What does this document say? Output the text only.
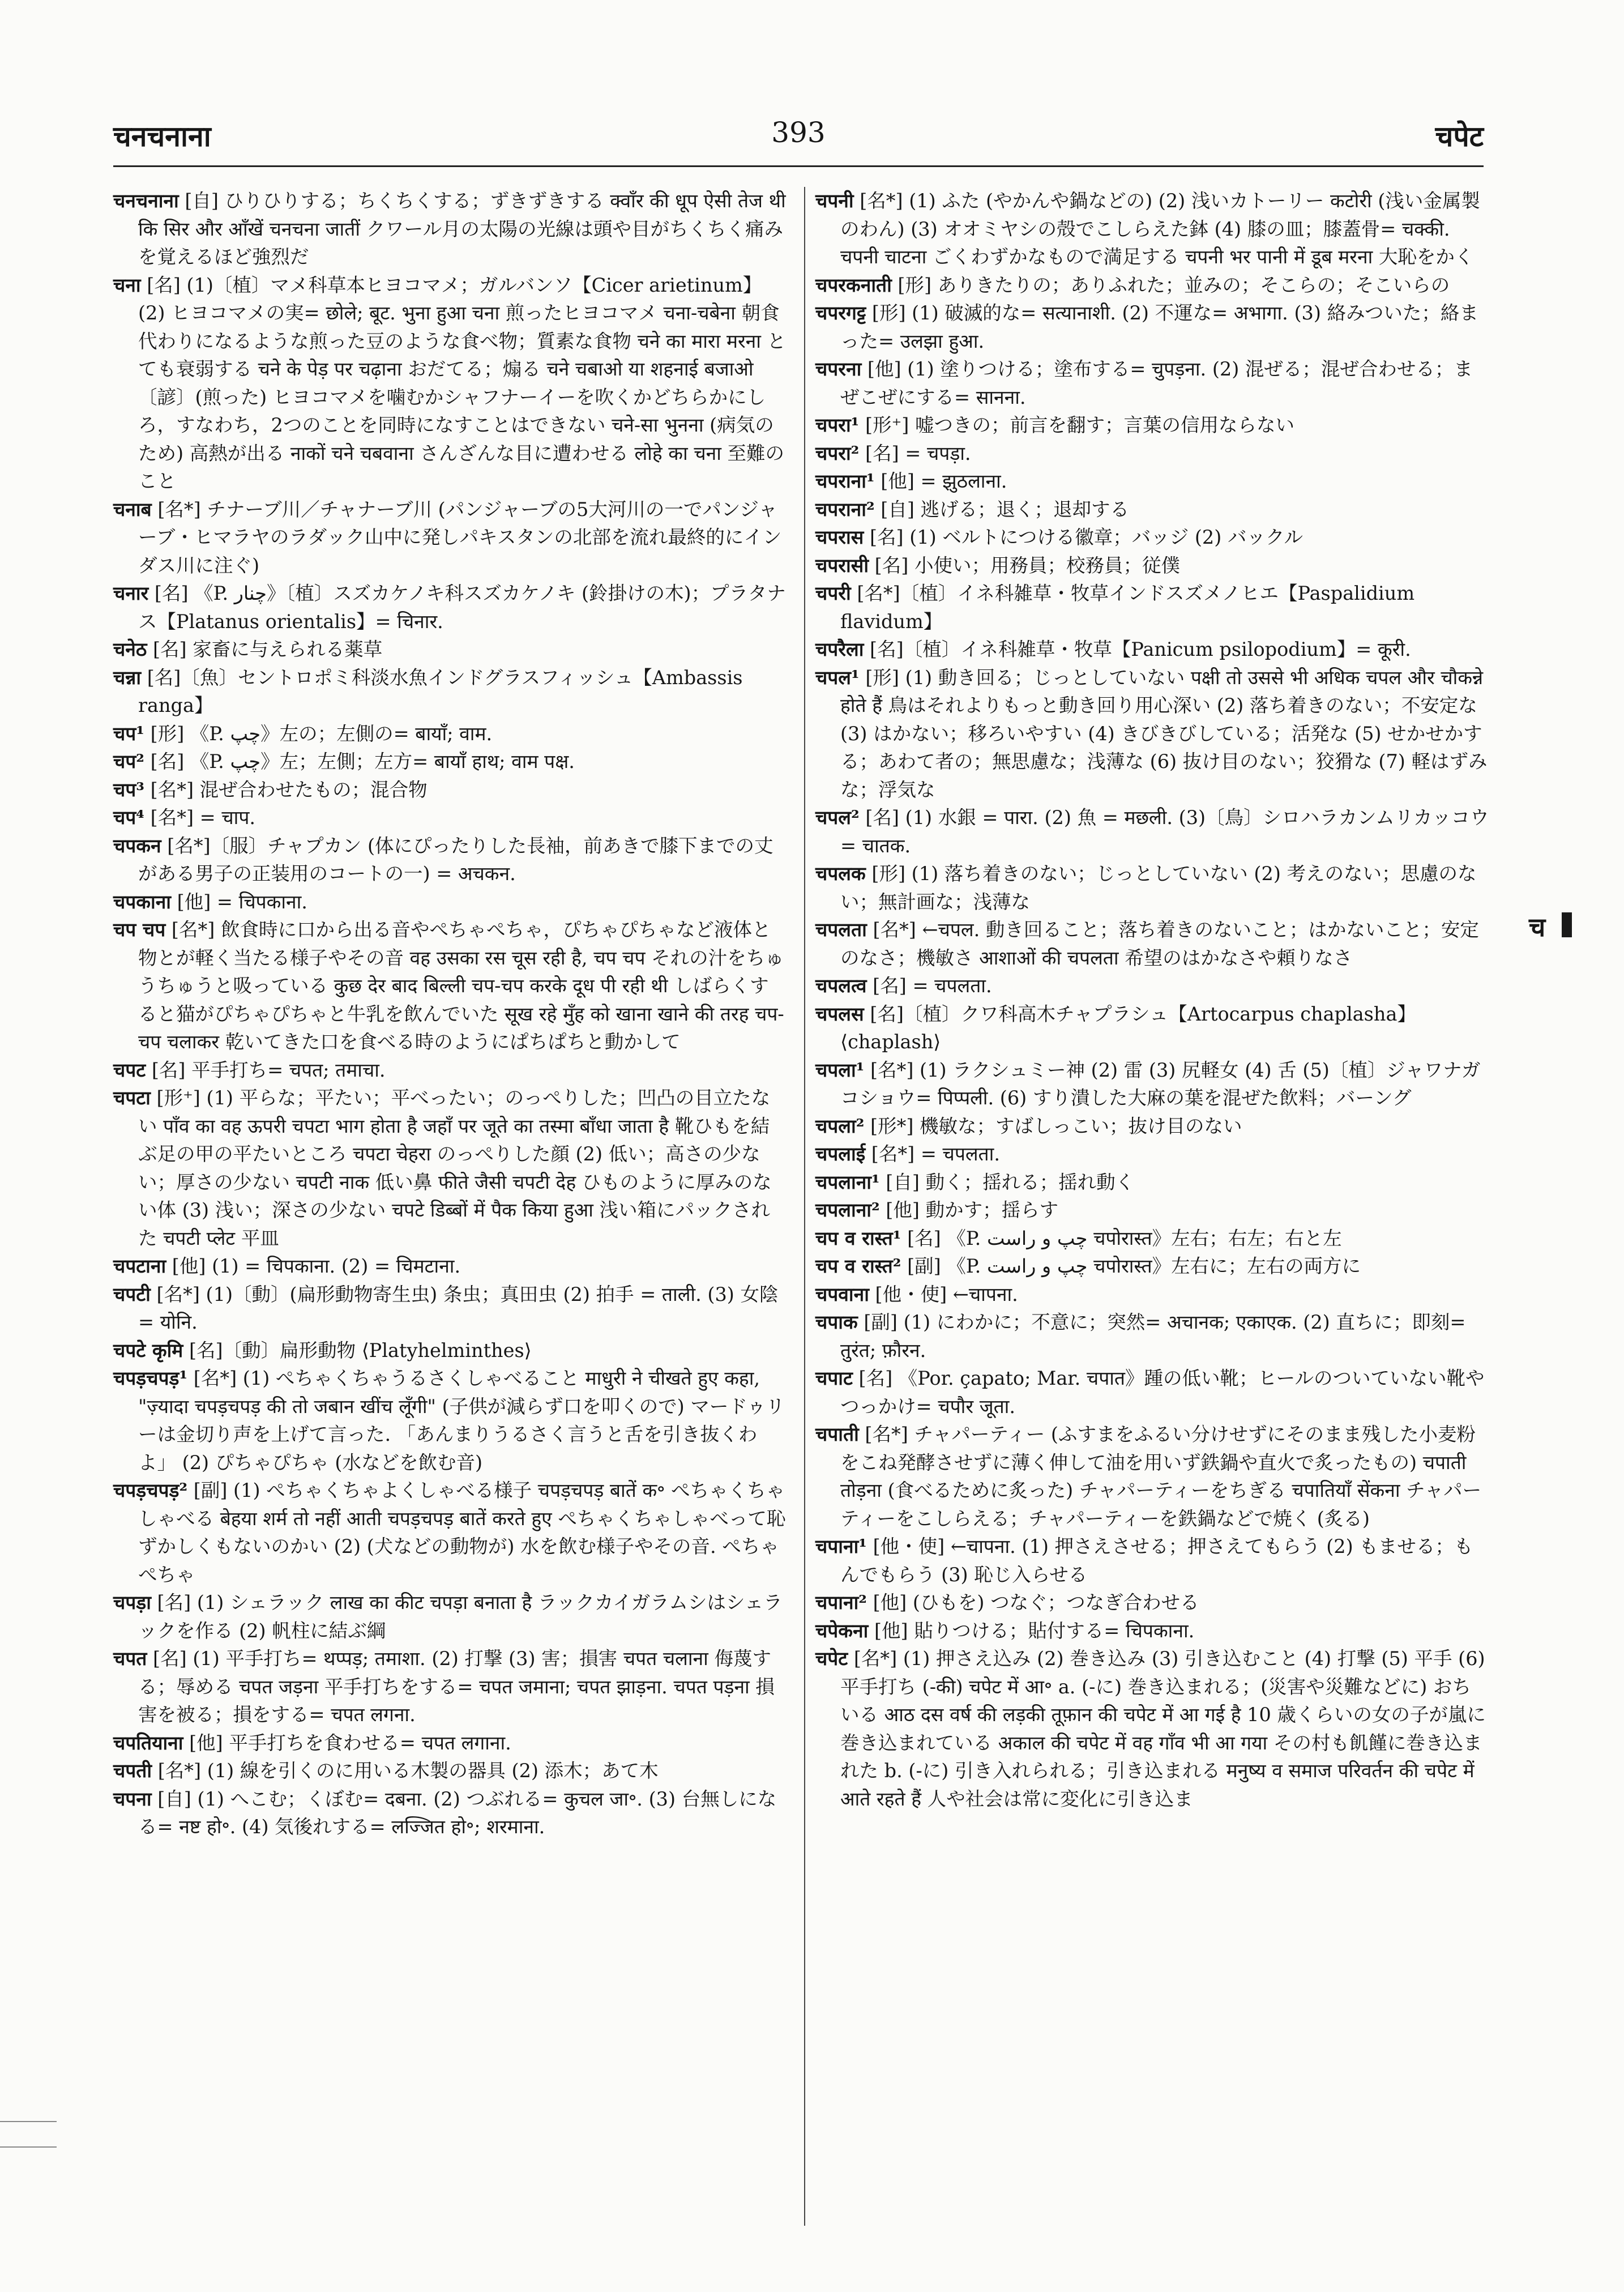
चनचनाना	393	चपेट
चनचनाना [自] ひりひりする；ちくちくする；ずきずきする क्वाँर की धूप ऐसी तेज थी कि सिर और आँखें चनचना जातीं クワール月の太陽の光線は頭や目がちくちく痛みを覚えるほど強烈だ
चना [名] (1)〔植〕マメ科草本ヒヨコマメ；ガルバンソ【Cicer arietinum】 (2) ヒヨコマメの実= छोले; बूट. भुना हुआ चना 煎ったヒヨコマメ चना-चबेना 朝食代わりになるような煎った豆のような食べ物；質素な食物 चने का मारा मरना とても衰弱する चने के पेड़ पर चढ़ाना おだてる；煽る चने चबाओ या शहनाई बजाओ〔諺〕(煎った) ヒヨコマメを噛むかシャフナーイーを吹くかどちらかにしろ，すなわち，2つのことを同時になすことはできない चने-सा भुनना (病気のため) 高熱が出る नाकों चने चबवाना さんざんな目に遭わせる लोहे का चना 至難のこと
चनाब [名*] チナーブ川／チャナーブ川 (パンジャーブの5大河川の一でパンジャーブ・ヒマラヤのラダック山中に発しパキスタンの北部を流れ最終的にインダス川に注ぐ)
चनार [名] 《P. چنار》〔植〕スズカケノキ科スズカケノキ (鈴掛けの木)；プラタナス【Platanus orientalis】= चिनार.
चनेठ [名] 家畜に与えられる薬草
चन्ना [名]〔魚〕セントロポミ科淡水魚インドグラスフィッシュ【Ambassis ranga】
चप¹ [形] 《P. چپ》左の；左側の= बायाँ; वाम.
चप² [名] 《P. چپ》左；左側；左方= बायाँ हाथ; वाम पक्ष.
चप³ [名*] 混ぜ合わせたもの；混合物
चप⁴ [名*] = चाप.
चपकन [名*]〔服〕チャプカン (体にぴったりした長袖，前あきで膝下までの丈がある男子の正装用のコートの一) = अचकन.
चपकाना [他] = चिपकाना.
चप चप [名*] 飲食時に口から出る音やぺちゃぺちゃ，ぴちゃぴちゃなど液体と物とが軽く当たる様子やその音 वह उसका रस चूस रही है, चप चप それの汁をちゅうちゅうと吸っている कुछ देर बाद बिल्ली चप-चप करके दूध पी रही थी しばらくすると猫がぴちゃぴちゃと牛乳を飲んでいた सूख रहे मुँह को खाना खाने की तरह चप-चप चलाकर 乾いてきた口を食べる時のようにぱちぱちと動かして
चपट [名] 平手打ち= चपत; तमाचा.
चपटा [形⁺] (1) 平らな；平たい；平べったい；のっぺりした；凹凸の目立たない पाँव का वह ऊपरी चपटा भाग होता है जहाँ पर जूते का तस्मा बाँधा जाता है 靴ひもを結ぶ足の甲の平たいところ चपटा चेहरा のっぺりした顔 (2) 低い；高さの少ない；厚さの少ない चपटी नाक 低い鼻 फीते जैसी चपटी देह ひものように厚みのない体 (3) 浅い；深さの少ない चपटे डिब्बों में पैक किया हुआ 浅い箱にパックされた चपटी प्लेट 平皿
चपटाना [他] (1) = चिपकाना. (2) = चिमटाना.
चपटी [名*] (1)〔動〕(扁形動物寄生虫) 条虫；真田虫 (2) 拍手 = ताली. (3) 女陰 = योनि.
चपटे कृमि [名]〔動〕扁形動物 ⟨Platyhelminthes⟩
चपड़चपड़¹ [名*] (1) ぺちゃくちゃうるさくしゃべること माधुरी ने चीखते हुए कहा, "ज़्यादा चपड़चपड़ की तो जबान खींच लूँगी" (子供が減らず口を叩くので) マードゥリーは金切り声を上げて言った. 「あんまりうるさく言うと舌を引き抜くわよ」 (2) ぴちゃぴちゃ (水などを飲む音)
चपड़चपड़² [副] (1) ぺちゃくちゃよくしゃべる様子 चपड़चपड़ बातें क॰ ぺちゃくちゃしゃべる बेहया शर्म तो नहीं आती चपड़चपड़ बातें करते हुए ぺちゃくちゃしゃべって恥ずかしくもないのかい (2) (犬などの動物が) 水を飲む様子やその音. ぺちゃぺちゃ
चपड़ा [名] (1) シェラック लाख का कीट चपड़ा बनाता है ラックカイガラムシはシェラックを作る (2) 帆柱に結ぶ綱
चपत [名] (1) 平手打ち= थप्पड़; तमाशा. (2) 打撃 (3) 害；損害 चपत चलाना 侮蔑する；辱める चपत जड़ना 平手打ちをする= चपत जमाना; चपत झाड़ना. चपत पड़ना 損害を被る；損をする= चपत लगना.
चपतियाना [他] 平手打ちを食わせる= चपत लगाना.
चपती [名*] (1) 線を引くのに用いる木製の器具 (2) 添木；あて木
चपना [自] (1) へこむ；くぼむ= दबना. (2) つぶれる= कुचल जा॰. (3) 台無しになる= नष्ट हो॰. (4) 気後れする= लज्जित हो॰; शरमाना.
चपनी [名*] (1) ふた (やかんや鍋などの) (2) 浅いカトーリー कटोरी (浅い金属製のわん) (3) オオミヤシの殻でこしらえた鉢 (4) 膝の皿；膝蓋骨= चक्की. चपनी चाटना ごくわずかなもので満足する चपनी भर पानी में डूब मरना 大恥をかく
चपरकनाती [形] ありきたりの；ありふれた；並みの；そこらの；そこいらの
चपरगट्ट [形] (1) 破滅的な= सत्यानाशी. (2) 不運な= अभागा. (3) 絡みついた；絡まった= उलझा हुआ.
चपरना [他] (1) 塗りつける；塗布する= चुपड़ना. (2) 混ぜる；混ぜ合わせる；まぜこぜにする= सानना.
चपरा¹ [形⁺] 嘘つきの；前言を翻す；言葉の信用ならない
चपरा² [名] = चपड़ा.
चपराना¹ [他] = झुठलाना.
चपराना² [自] 逃げる；退く；退却する
चपरास [名] (1) ベルトにつける徽章；バッジ (2) バックル
चपरासी [名] 小使い；用務員；校務員；従僕
चपरी [名*]〔植〕イネ科雑草・牧草インドスズメノヒエ【Paspalidium flavidum】
चपरैला [名]〔植〕イネ科雑草・牧草【Panicum psilopodium】= कूरी.
चपल¹ [形] (1) 動き回る；じっとしていない पक्षी तो उससे भी अधिक चपल और चौकन्ने होते हैं 鳥はそれよりもっと動き回り用心深い (2) 落ち着きのない；不安定な (3) はかない；移ろいやすい (4) きびきびしている；活発な (5) せかせかする；あわて者の；無思慮な；浅薄な (6) 抜け目のない；狡猾な (7) 軽はずみな；浮気な
चपल² [名] (1) 水銀 = पारा. (2) 魚 = मछली. (3)〔鳥〕シロハラカンムリカッコウ= चातक.
चपलक [形] (1) 落ち着きのない；じっとしていない (2) 考えのない；思慮のない；無計画な；浅薄な
चपलता [名*] ←चपल. 動き回ること；落ち着きのないこと；はかないこと；安定のなさ；機敏さ आशाओं की चपलता 希望のはかなさや頼りなさ
चपलत्व [名] = चपलता.
चपलस [名]〔植〕クワ科高木チャプラシュ【Artocarpus chaplasha】⟨chaplash⟩
चपला¹ [名*] (1) ラクシュミー神 (2) 雷 (3) 尻軽女 (4) 舌 (5)〔植〕ジャワナガコショウ= पिप्पली. (6) すり潰した大麻の葉を混ぜた飲料；バーング
चपला² [形*] 機敏な；すばしっこい；抜け目のない
चपलाई [名*] = चपलता.
चपलाना¹ [自] 動く；揺れる；揺れ動く
चपलाना² [他] 動かす；揺らす
चप व रास्त¹ [名] 《P. چپ و راست चपोरास्त》左右；右左；右と左
चप व रास्त² [副] 《P. چپ و راست चपोरास्त》左右に；左右の両方に
चपवाना [他・使] ←चापना.
चपाक [副] (1) にわかに；不意に；突然= अचानक; एकाएक. (2) 直ちに；即刻= तुरंत; फ़ौरन.
चपाट [名] 《Por. çapato; Mar. चपात》踵の低い靴；ヒールのついていない靴やつっかけ= चपौर जूता.
चपाती [名*] チャパーティー (ふすまをふるい分けせずにそのまま残した小麦粉をこね発酵させずに薄く伸して油を用いず鉄鍋や直火で炙ったもの) चपाती तोड़ना (食べるために炙った) チャパーティーをちぎる चपातियाँ सेंकना チャパーティーをこしらえる；チャパーティーを鉄鍋などで焼く (炙る)
चपाना¹ [他・使] ←चापना. (1) 押さえさせる；押さえてもらう (2) もませる；もんでもらう (3) 恥じ入らせる
चपाना² [他] (ひもを) つなぐ；つなぎ合わせる
चपेकना [他] 貼りつける；貼付する= चिपकाना.
चपेट [名*] (1) 押さえ込み (2) 巻き込み (3) 引き込むこと (4) 打撃 (5) 平手 (6) 平手打ち (-की) चपेट में आ॰ a. (-に) 巻き込まれる；(災害や災難などに) おちいる आठ दस वर्ष की लड़की तूफ़ान की चपेट में आ गई है 10 歳くらいの女の子が嵐に巻き込まれている अकाल की चपेट में वह गाँव भी आ गया その村も飢饉に巻き込まれた b. (-に) 引き入れられる；引き込まれる मनुष्य व समाज परिवर्तन की चपेट में आते रहते हैं 人や社会は常に変化に引き込ま
च
